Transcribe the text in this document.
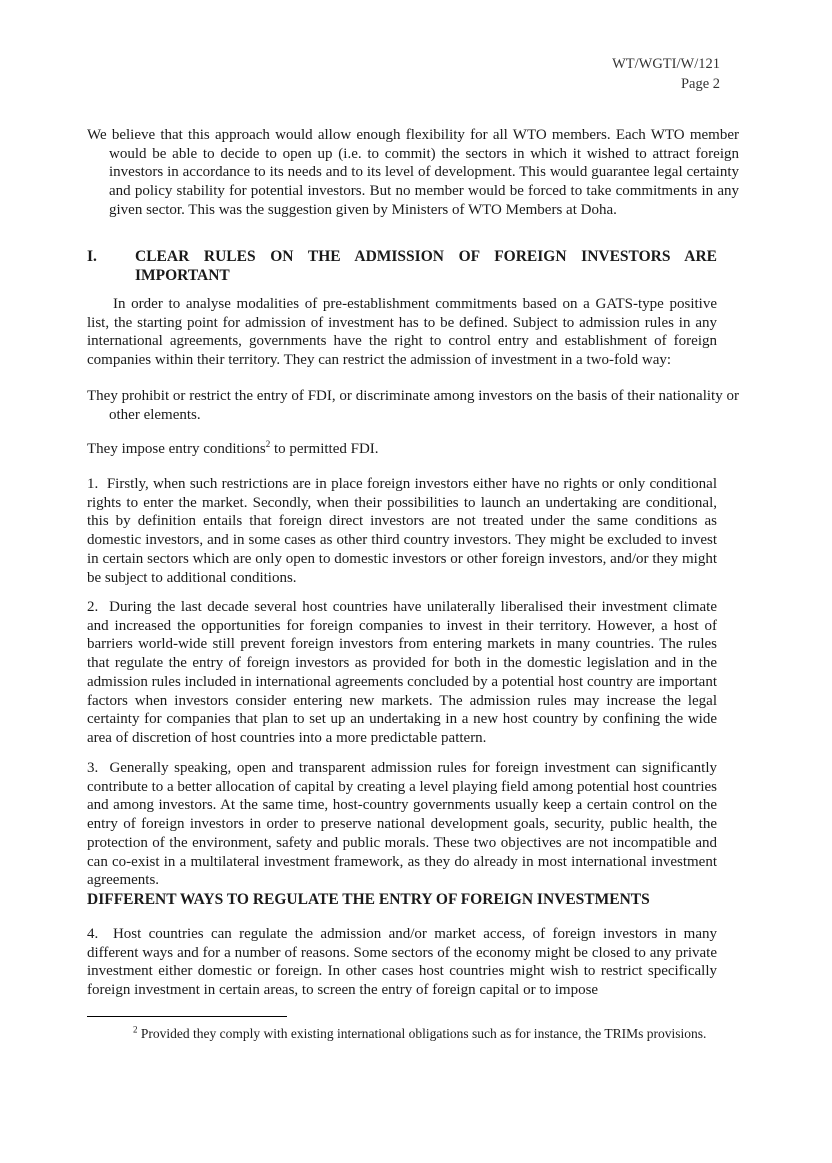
WT/WGTI/W/121
Page 2
We believe that this approach would allow enough flexibility for all WTO members. Each WTO member would be able to decide to open up (i.e. to commit) the sectors in which it wished to attract foreign investors in accordance to its needs and to its level of development. This would guarantee legal certainty and policy stability for potential investors. But no member would be forced to take commitments in any given sector. This was the suggestion given by Ministers of WTO Members at Doha.
I.	CLEAR RULES ON THE ADMISSION OF FOREIGN INVESTORS ARE IMPORTANT
In order to analyse modalities of pre-establishment commitments based on a GATS-type positive list, the starting point for admission of investment has to be defined. Subject to admission rules in any international agreements, governments have the right to control entry and establishment of foreign companies within their territory. They can restrict the admission of investment in a two-fold way:
They prohibit or restrict the entry of FDI, or discriminate among investors on the basis of their nationality or other elements.
They impose entry conditions$^2$ to permitted FDI.
1. Firstly, when such restrictions are in place foreign investors either have no rights or only conditional rights to enter the market. Secondly, when their possibilities to launch an undertaking are conditional, this by definition entails that foreign direct investors are not treated under the same conditions as domestic investors, and in some cases as other third country investors. They might be excluded to invest in certain sectors which are only open to domestic investors or other foreign investors, and/or they might be subject to additional conditions.
2. During the last decade several host countries have unilaterally liberalised their investment climate and increased the opportunities for foreign companies to invest in their territory. However, a host of barriers world-wide still prevent foreign investors from entering markets in many countries. The rules that regulate the entry of foreign investors as provided for both in the domestic legislation and in the admission rules included in international agreements concluded by a potential host country are important factors when investors consider entering new markets. The admission rules may increase the legal certainty for companies that plan to set up an undertaking in a new host country by confining the wide area of discretion of host countries into a more predictable pattern.
3. Generally speaking, open and transparent admission rules for foreign investment can significantly contribute to a better allocation of capital by creating a level playing field among potential host countries and among investors. At the same time, host-country governments usually keep a certain control on the entry of foreign investors in order to preserve national development goals, security, public health, the protection of the environment, safety and public morals. These two objectives are not incompatible and can co-exist in a multilateral investment framework, as they do already in most international investment agreements.
DIFFERENT WAYS TO REGULATE THE ENTRY OF FOREIGN INVESTMENTS
4. Host countries can regulate the admission and/or market access, of foreign investors in many different ways and for a number of reasons. Some sectors of the economy might be closed to any private investment either domestic or foreign. In other cases host countries might wish to restrict specifically foreign investment in certain areas, to screen the entry of foreign capital or to impose
$^2$ Provided they comply with existing international obligations such as for instance, the TRIMs provisions.
